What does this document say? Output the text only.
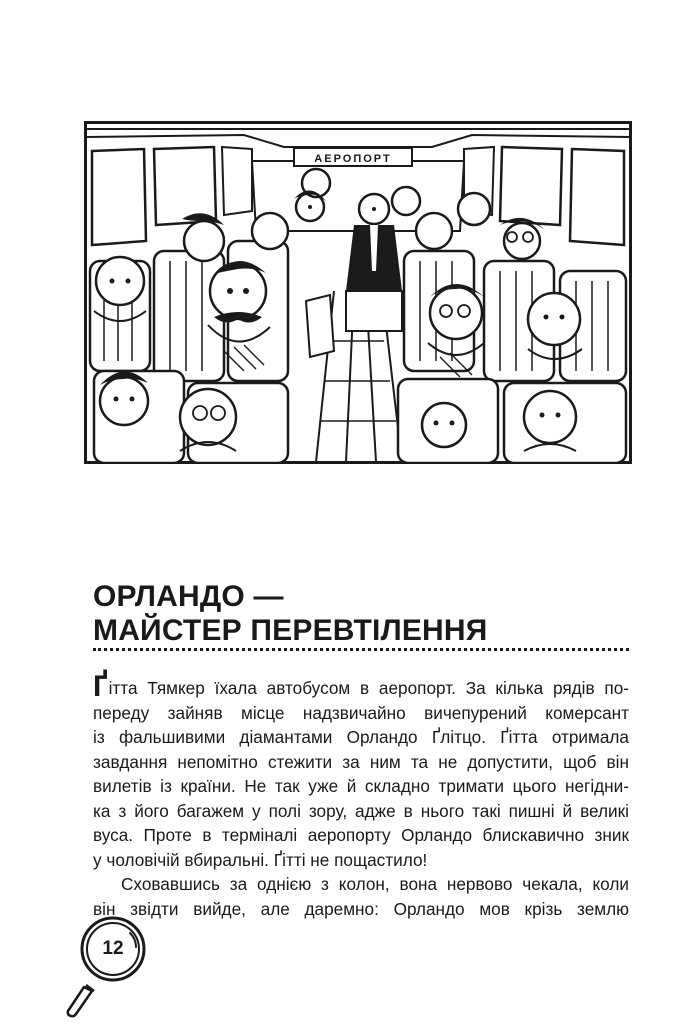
АЕРОПОРТ
ОРЛАНДО —
МАЙСТЕР ПЕРЕВТІЛЕННЯ

Ґітта Тямкер їхала автобусом в аеропорт. За кілька рядів по-
переду зайняв місце надзвичайно вичепурений комерсант
із фальшивими діамантами Орландо Ґлітцо. Ґітта отримала
завдання непомітно стежити за ним та не допустити, щоб він
вилетів із країни. Не так уже й складно тримати цього негідни-
ка з його багажем у полі зору, адже в нього такі пишні й великі
вуса. Проте в терміналі аеропорту Орландо блискавично зник
у чоловічій вбиральні. Ґітті не пощастило!

Сховавшись за однією з колон, вона нервово чекала, коли
він звідти вийде, але даремно: Орландо мов крізь землю

12
